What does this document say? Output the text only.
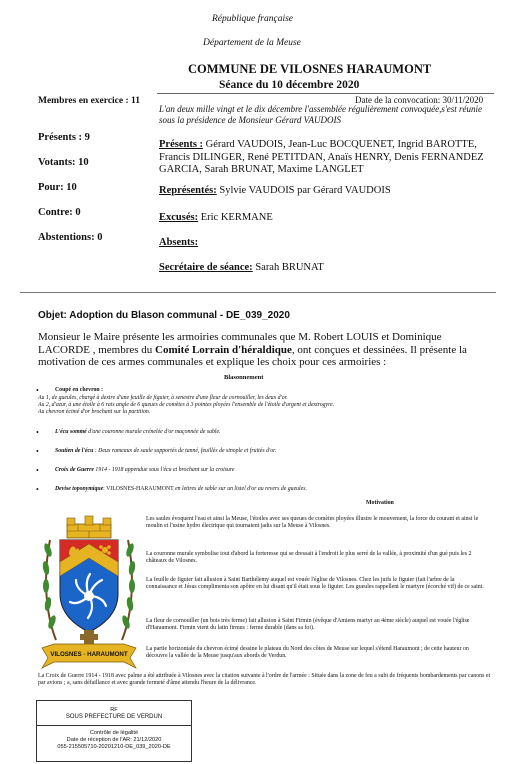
République française
Département de la Meuse
COMMUNE DE VILOSNES HARAUMONT
Séance du 10 décembre 2020
Membres en exercice : 11
Présents : 9
Votants: 10
Pour: 10
Contre: 0
Abstentions: 0
Date de la convocation: 30/11/2020
L'an deux mille vingt et le dix décembre l'assemblée régulièrement convoquée,s'est réunie sous la présidence de Monsieur Gérard VAUDOIS
Présents : Gérard VAUDOIS, Jean-Luc BOCQUENET, Ingrid BAROTTE, Francis DILINGER, René PETITDAN, Anaïs HENRY, Denis FERNANDEZ GARCIA, Sarah BRUNAT, Maxime LANGLET
Représentés: Sylvie VAUDOIS par Gérard VAUDOIS
Excusés: Eric KERMANE
Absents:
Secrétaire de séance: Sarah BRUNAT
Objet: Adoption du Blason communal - DE_039_2020
Monsieur le Maire présente les armoiries communales que M. Robert LOUIS et Dominique LACORDE , membres du Comité Lorrain d'héraldique, ont conçues et dessinées. Il présente la motivation de ces armes communales et explique les choix pour ces armoiries :
Blasonnement
•	Coupé en chevron :
Au 1, de gueules, chargé à dextre d'une feuille de figuier, à senestre d'une fleur de cornouiller, les deux d'or.
Au 2, d'azur, à une étoile à 6 rais angle de 6 queues de comètes à 3 pointes ployées l'ensemble de l'étoile d'argent et dextrogyre.
Au chevron écimé d'or brochant sur la partition.
•	L'écu sommé d'une couronne murale crénelée d'or maçonnée de sable.
•	Soutien de l'écu : Deux rameaux de saule supportés de tanné, feuillés de sinople et fruités d'or.
•	Croix de Guerre 1914 - 1918 appendue sous l'écu et brochant sur la croisure
•	Devise toponymique: VILOSNES-HARAUMONT en lettres de sable sur un listel d'or au revers de gueules.
VILOSNES · HARAUMONT
Motivation
Les saules évoquent l'eau et ainsi la Meuse, l'étoiles avec ses queues de comètes ployées illustre le mouvement, la force du courant et ainsi le moulin et l'usine hydro électrique qui tournaient jadis sur la Meuse à Vilosnes.
La couronne murale symbolise tout d'abord la forteresse qui se dressait à l'endroit le plus serré de la vallée, à proximité d'un gué puis les 2 châteaux de Vilosnes.
La feuille de figuier fait allusion à Saint Barthélemy auquel est vouée l'église de Vilosnes. Chez les juifs le figuier (fait l'arbre de la connaissance et Jésus complimenta son apôtre en lui disant qu'il était sous le figuier. Les gueules rappellent le martyre (écorché vif) de ce saint.
La fleur de cornouiller (un bois très ferme) fait allusion à Saint Firmin (évêque d'Amiens martyr au 4ème siècle) auquel est vouée l'église d'Haraumont. Firmin vient du latin firmus : ferme durable (dans sa foi).
La partie horizontale du chevron écimé dessine le plateau du Nord des côtes de Meuse sur lequel s'étend Haraumont ; de cette hauteur on découvre la vallée de la Meuse jusqu'aux abords de Verdun.
La Croix de Guerre 1914 - 1918 avec palme a été attribuée à Vilosnes avec la citation suivante à l'ordre de l'armée : Située dans la zone de feu a subi de fréquents bombardements par canons et par avions ; a, sans défaillance et avec grande fermeté d'âme attendu l'heure de la délivrance.
RF
SOUS PREFECTURE DE VERDUN
Contrôle de légalité
Date de réception de l'AR: 21/12/2020
055-215505710-20201210-DE_039_2020-DE
